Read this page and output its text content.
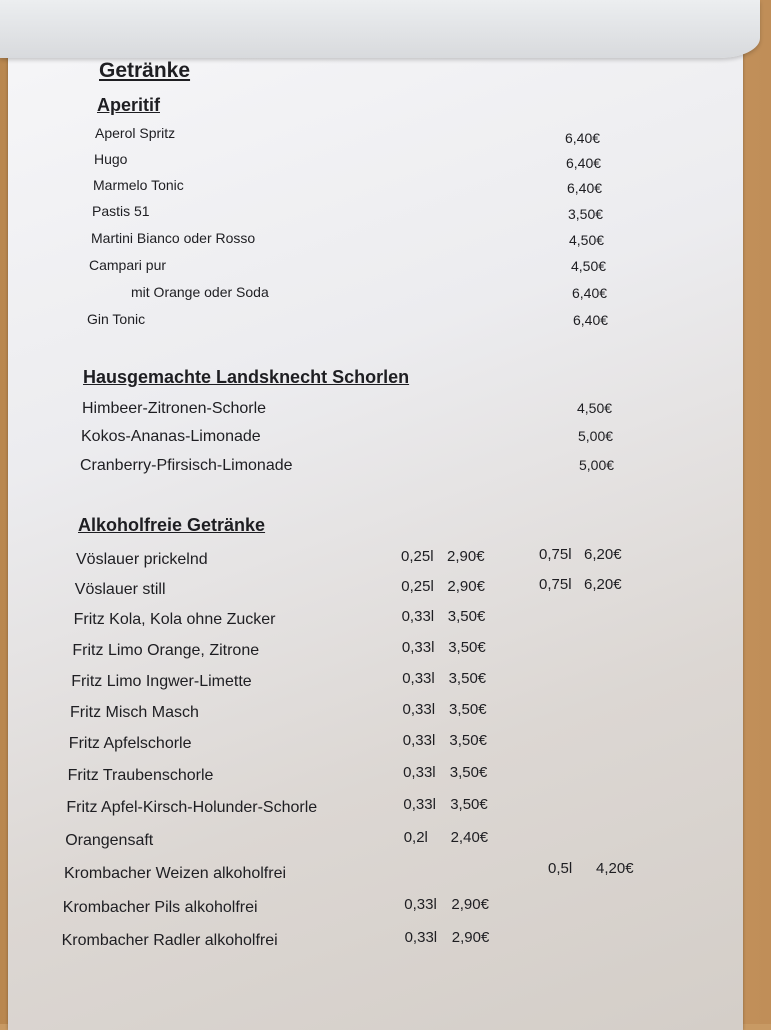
Getränke
Aperitif
Aperol Spritz	6,40€
Hugo	6,40€
Marmelo Tonic	6,40€
Pastis 51	3,50€
Martini Bianco oder Rosso	4,50€
Campari pur	4,50€
mit Orange oder Soda	6,40€
Gin Tonic	6,40€
Hausgemachte Landsknecht Schorlen
Himbeer-Zitronen-Schorle	4,50€
Kokos-Ananas-Limonade	5,00€
Cranberry-Pfirsisch-Limonade	5,00€
Alkoholfreie Getränke
Vöslauer prickelnd	0,25l 2,90€	0,75l 6,20€
Vöslauer still	0,25l 2,90€	0,75l 6,20€
Fritz Kola, Kola ohne Zucker	0,33l 3,50€
Fritz Limo Orange, Zitrone	0,33l 3,50€
Fritz Limo Ingwer-Limette	0,33l 3,50€
Fritz Misch Masch	0,33l 3,50€
Fritz Apfelschorle	0,33l 3,50€
Fritz Traubenschorle	0,33l 3,50€
Fritz Apfel-Kirsch-Holunder-Schorle	0,33l 3,50€
Orangensaft	0,2l 2,40€
Krombacher Weizen alkoholfrei	0,5l 4,20€
Krombacher Pils alkoholfrei	0,33l 2,90€
Krombacher Radler alkoholfrei	0,33l 2,90€
